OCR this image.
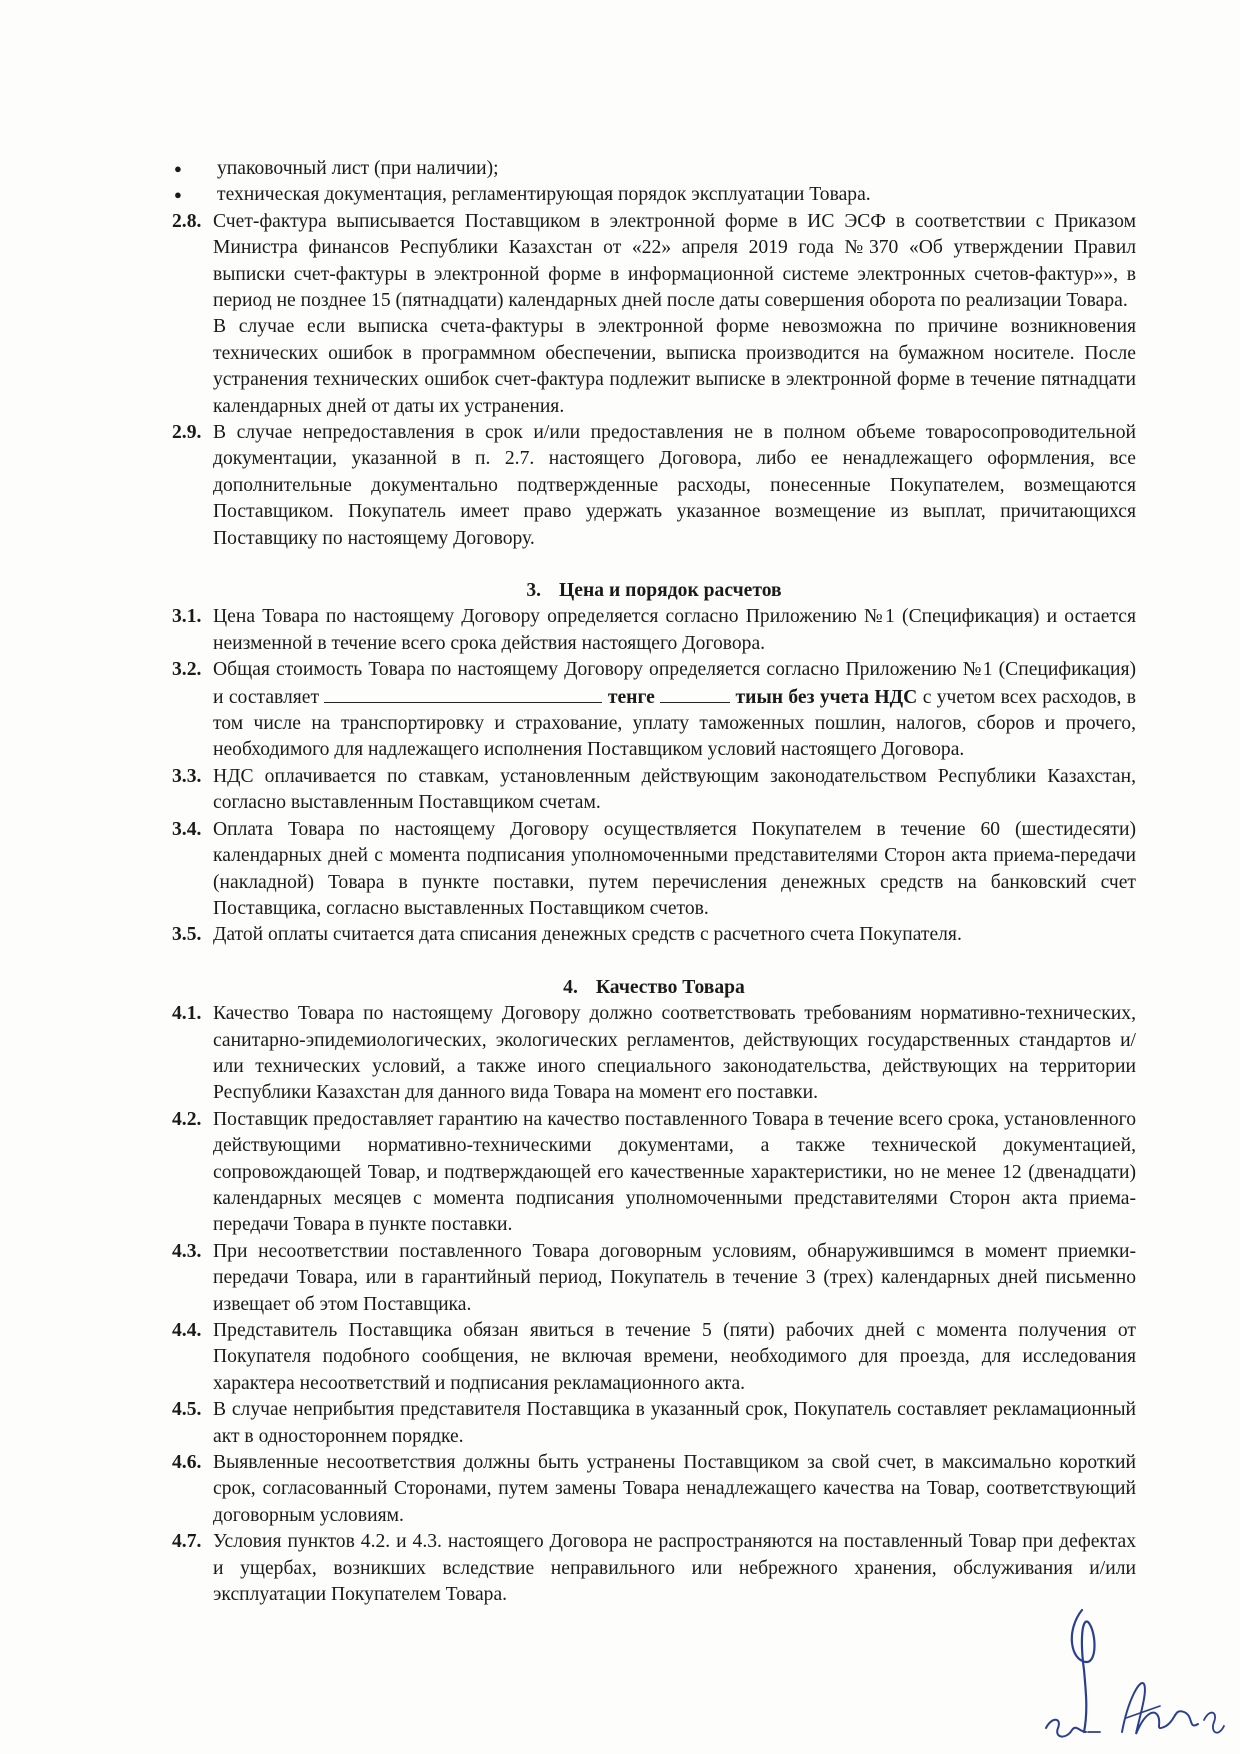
● упаковочный лист (при наличии);
● техническая документация, регламентирующая порядок эксплуатации Товара.
2.8. Счет-фактура выписывается Поставщиком в электронной форме в ИС ЭСФ в соответствии с Приказом Министра финансов Республики Казахстан от «22» апреля 2019 года №370 «Об утверждении Правил выписки счет-фактуры в электронной форме в информационной системе электронных счетов-фактур»», в период не позднее 15 (пятнадцати) календарных дней после даты совершения оборота по реализации Товара.

В случае если выписка счета-фактуры в электронной форме невозможна по причине возникновения технических ошибок в программном обеспечении, выписка производится на бумажном носителе. После устранения технических ошибок счет-фактура подлежит выписке в электронной форме в течение пятнадцати календарных дней от даты их устранения.

2.9. В случае непредоставления в срок и/или предоставления не в полном объеме товаросопроводительной документации, указанной в п. 2.7. настоящего Договора, либо ее ненадлежащего оформления, все дополнительные документально подтвержденные расходы, понесенные Покупателем, возмещаются Поставщиком. Покупатель имеет право удержать указанное возмещение из выплат, причитающихся Поставщику по настоящему Договору.

3. Цена и порядок расчетов
3.1. Цена Товара по настоящему Договору определяется согласно Приложению №1 (Спецификация) и остается неизменной в течение всего срока действия настоящего Договора.

3.2. Общая стоимость Товара по настоящему Договору определяется согласно Приложению №1 (Спецификация) и составляет	тенге	тиын без учета НДС с учетом всех расходов, в том числе на транспортировку и страхование, уплату таможенных пошлин, налогов, сборов и прочего, необходимого для надлежащего исполнения Поставщиком условий настоящего Договора.

3.3. НДС оплачивается по ставкам, установленным действующим законодательством Республики Казахстан, согласно выставленным Поставщиком счетам.

3.4. Оплата Товара по настоящему Договору осуществляется Покупателем в течение 60 (шестидесяти) календарных дней с момента подписания уполномоченными представителями Сторон акта приема-передачи (накладной) Товара в пункте поставки, путем перечисления денежных средств на банковский счет Поставщика, согласно выставленных Поставщиком счетов.

3.5. Датой оплаты считается дата списания денежных средств с расчетного счета Покупателя.

4. Качество Товара
4.1. Качество Товара по настоящему Договору должно соответствовать требованиям нормативно-технических, санитарно-эпидемиологических, экологических регламентов, действующих государственных стандартов и/или технических условий, а также иного специального законодательства, действующих на территории Республики Казахстан для данного вида Товара на момент его поставки.

4.2. Поставщик предоставляет гарантию на качество поставленного Товара в течение всего срока, установленного действующими нормативно-техническими документами, а также технической документацией, сопровождающей Товар, и подтверждающей его качественные характеристики, но не менее 12 (двенадцати) календарных месяцев с момента подписания уполномоченными представителями Сторон акта приема-передачи Товара в пункте поставки.

4.3. При несоответствии поставленного Товара договорным условиям, обнаружившимся в момент приемки-передачи Товара, или в гарантийный период, Покупатель в течение 3 (трех) календарных дней письменно извещает об этом Поставщика.

4.4. Представитель Поставщика обязан явиться в течение 5 (пяти) рабочих дней с момента получения от Покупателя подобного сообщения, не включая времени, необходимого для проезда, для исследования характера несоответствий и подписания рекламационного акта.

4.5. В случае неприбытия представителя Поставщика в указанный срок, Покупатель составляет рекламационный акт в одностороннем порядке.

4.6. Выявленные несоответствия должны быть устранены Поставщиком за свой счет, в максимально короткий срок, согласованный Сторонами, путем замены Товара ненадлежащего качества на Товар, соответствующий договорным условиям.

4.7. Условия пунктов 4.2. и 4.3. настоящего Договора не распространяются на поставленный Товар при дефектах и ущербах, возникших вследствие неправильного или небрежного хранения, обслуживания и/или эксплуатации Покупателем Товара.
